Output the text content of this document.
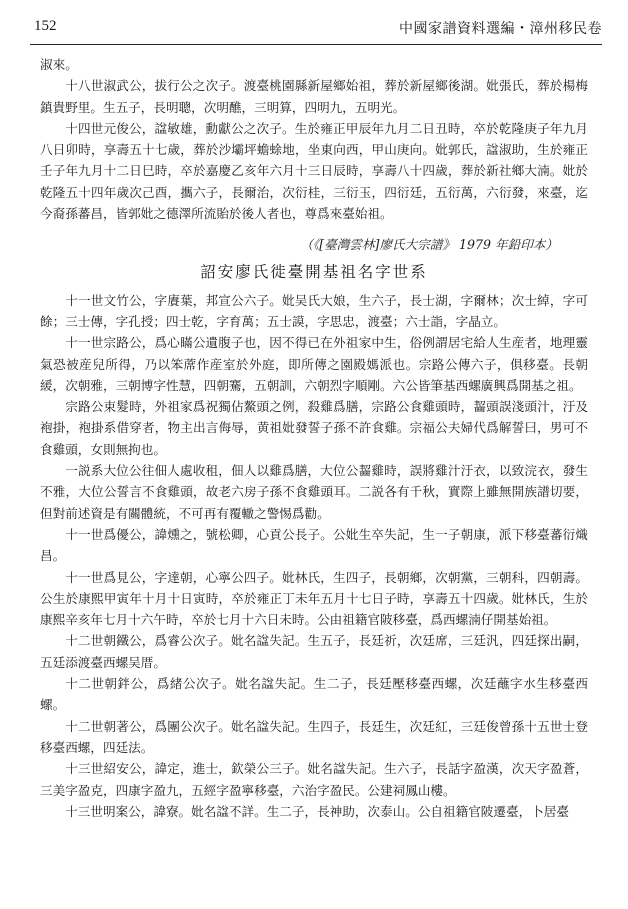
152	中國家譜資料選編・漳州移民卷

淑來。

十八世淑武公，拔行公之次子。渡臺桃園縣新屋鄉始祖，葬於新屋鄉後湖。妣張氏，葬於楊梅鎮貴野里。生五子，長明聰，次明醮，三明算，四明九，五明光。

十四世元俊公，諡敏雄，勳獻公之次子。生於雍正甲辰年九月二日丑時，卒於乾隆庚子年九月八日卯時，享壽五十七歲，葬於沙壩坪蟾蜍地，坐東向西，甲山庚向。妣郭氏，諡淑助，生於雍正壬子年九月十二日巳時，卒於嘉慶乙亥年六月十三日辰時，享壽八十四歲，葬於新社鄉大湳。妣於乾隆五十四年歲次己酉，攜六子，長爾治，次衍桂，三衍玉，四衍廷，五衍萬，六衍發，來臺，迄今裔孫蕃昌，皆郭妣之德澤所流貽於後人者也，尊爲來臺始祖。

（《[臺灣雲林]廖氏大宗譜》 1979 年鉛印本）
詔安廖氏徙臺開基祖名字世系

十一世文竹公，字賡葉，邦宣公六子。妣吴氏大娘，生六子，長士湖，字爾林；次士綽，字可餘；三士傳，字孔授；四士乾，字育萬；五士謨，字思忠，渡臺；六士詣，字晶立。

十一世宗路公，爲心瞞公遺腹子也，因不得已在外祖家中生，俗例謂居宅給人生産者，地理靈氣恐被産兒所得，乃以笨蓆作産室於外庭，即所傳之園殿媽派也。宗路公傳六子，俱移臺。長朝緩，次朝雅，三朝博字性慧，四朝騫，五朝訓，六朝烈字順剛。六公皆筆基西螺廣興爲開基之祖。

宗路公束髮時，外祖家爲祝獨佔鰲頭之例，殺雞爲膳，宗路公食雞頭時，齧頭誤淺頭汁，汙及袍掛，袍掛系借穿者，物主出言侮辱，黄祖妣發誓子孫不許食雞。宗福公夫婦代爲解誓曰，男可不食雞頭，女則無拘也。

一説系大位公往佃人處收租，佃人以雞爲膳，大位公齧雞時，誤將雞汁汙衣，以致浣衣，發生不雅，大位公誓言不食雞頭，故老六房子孫不食雞頭耳。二説各有千秋，實際上雖無開族譜切要，但對前述資是有關體統，不可再有覆轍之警惕爲勸。

十一世爲優公，諱燻之，號松卿，心貢公長子。公妣生卒失記，生一子朝康，派下移臺蕃衍熾昌。

十一世爲見公，字達朝，心寧公四子。妣林氏，生四子，長朝鄉，次朝黨，三朝科，四朝壽。公生於康熙甲寅年十月十日寅時，卒於雍正丁未年五月十七日子時，享壽五十四歲。妣林氏，生於康熙辛亥年七月十六午時，卒於七月十六日未時。公由祖籍官陂移臺，爲西螺湳仔開基始祖。

十二世朝鐵公，爲睿公次子。妣名諡失記。生五子，長廷祈，次廷席，三廷汎，四廷探出嗣，五廷添渡臺西螺吴厝。

十二世朝鉡公，爲緒公次子。妣名諡失記。生二子，長廷壓移臺西螺，次廷蘸字水生移臺西螺。

十二世朝著公，爲團公次子。妣名諡失記。生四子，長廷生，次廷紅，三廷俊曾孫十五世士登移臺西螺，四廷法。

十三世紹安公，諱定，進士，欽榮公三子。妣名諡失記。生六子，長話字盈漢，次天字盈蒼，三美字盈克，四康字盈九，五經字盈寧移臺，六治字盈民。公建祠鳳山樓。

十三世明案公，諱寮。妣名諡不詳。生二子，長神助，次泰山。公自祖籍官陂遷臺，卜居臺
